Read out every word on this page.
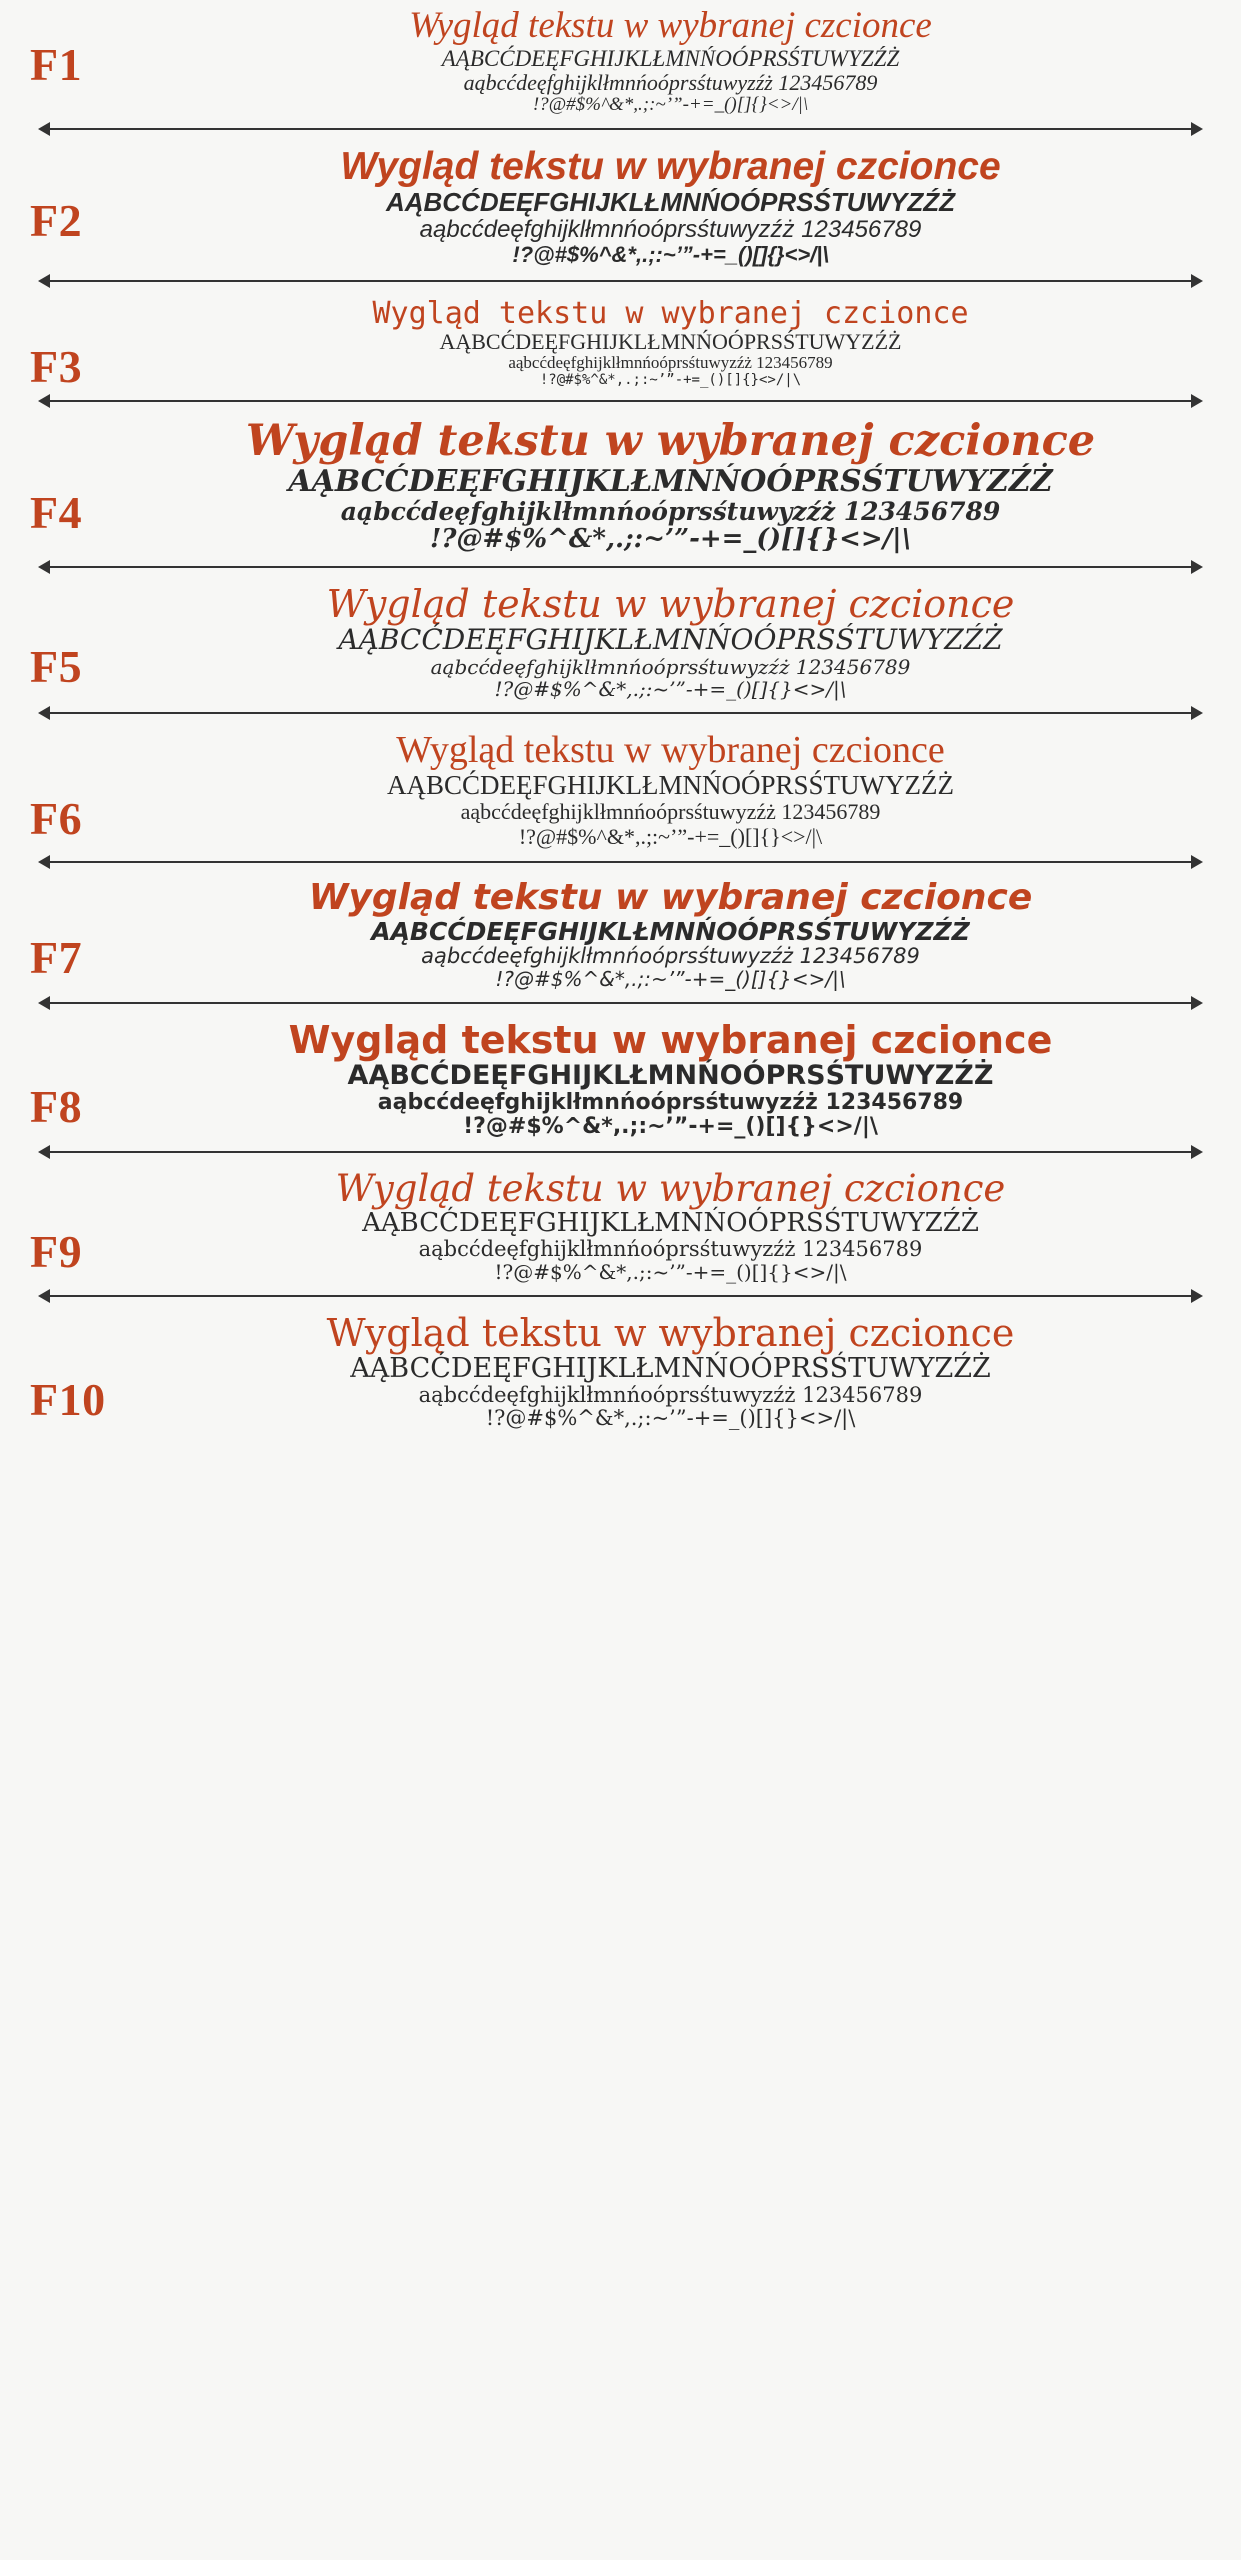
F1
Wygląd tekstu w wybranej czcionce
AĄBCĆDEĘFGHIJKLŁMNŃOÓPRSŚTUWYZŹŻ
aąbcćdeęfghijklłmnńoóprsśtuwyzźż 123456789
!?@#$%^&*,.;:~’”-+=_()[]{}<>/|\
F2
Wygląd tekstu w wybranej czcionce
AĄBCĆDEĘFGHIJKLŁMNŃOÓPRSŚTUWYZŹŻ
aąbcćdeęfghijklłmnńoóprsśtuwyzźż 123456789
!?@#$%^&*,.;:~’”-+=_()[]{}<>/|\
F3
Wygląd tekstu w wybranej czcionce
AĄBCĆDEĘFGHIJKLŁMNŃOÓPRSŚTUWYZŹŻ
aąbcćdeęfghijklłmnńoóprsśtuwyzźż 123456789
!?@#$%^&*,.;:~’”-+=_()[]{}<>/|\
F4
Wygląd tekstu w wybranej czcionce
AĄBCĆDEĘFGHIJKLŁMNŃOÓPRSŚTUWYZŹŻ
aąbcćdeęfghijklłmnńoóprsśtuwyzźż 123456789
!?@#$%^&*,.;:~’”-+=_()[]{}<>/|\
F5
Wygląd tekstu w wybranej czcionce
AĄBCĆDEĘFGHIJKLŁMNŃOÓPRSŚTUWYZŹŻ
aąbcćdeęfghijklłmnńoóprsśtuwyzźż 123456789
!?@#$%^&*,.;:~’”-+=_()[]{}<>/|\
F6
Wygląd tekstu w wybranej czcionce
AĄBCĆDEĘFGHIJKLŁMNŃOÓPRSŚTUWYZŹŻ
aąbcćdeęfghijklłmnńoóprsśtuwyzźż 123456789
!?@#$%^&*,.;:~’”-+=_()[]{}<>/|\
F7
Wygląd tekstu w wybranej czcionce
AĄBCĆDEĘFGHIJKLŁMNŃOÓPRSŚTUWYZŹŻ
aąbcćdeęfghijklłmnńoóprsśtuwyzźż 123456789
!?@#$%^&*,.;:~’”-+=_()[]{}<>/|\
F8
Wygląd tekstu w wybranej czcionce
AĄBCĆDEĘFGHIJKLŁMNŃOÓPRSŚTUWYZŹŻ
aąbcćdeęfghijklłmnńoóprsśtuwyzźż 123456789
!?@#$%^&*,.;:~’”-+=_()[]{}<>/|\
F9
Wygląd tekstu w wybranej czcionce
AĄBCĆDEĘFGHIJKLŁMNŃOÓPRSŚTUWYZŹŻ
aąbcćdeęfghijklłmnńoóprsśtuwyzźż 123456789
!?@#$%^&*,.;:~’”-+=_()[]{}<>/|\
F10
Wygląd tekstu w wybranej czcionce
AĄBCĆDEĘFGHIJKLŁMNŃOÓPRSŚTUWYZŹŻ
aąbcćdeęfghijklłmnńoóprsśtuwyzźż 123456789
!?@#$%^&*,.;:~’”-+=_()[]{}<>/|\
